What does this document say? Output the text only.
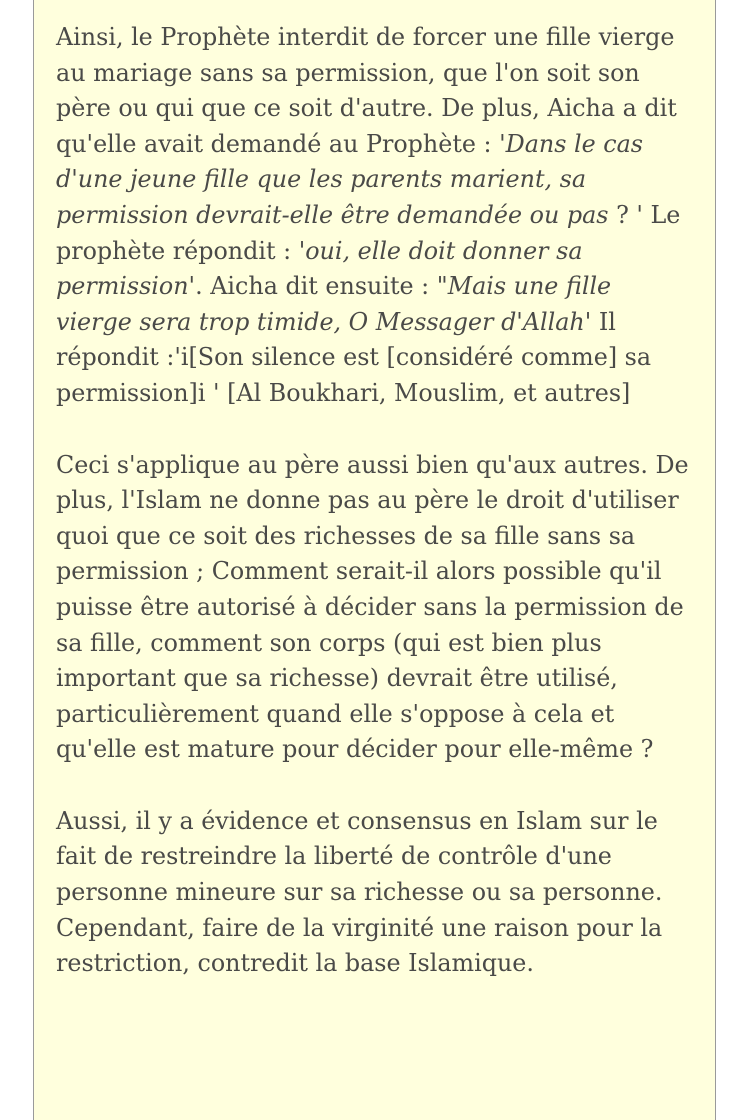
Ainsi, le Prophète interdit de forcer une fille vierge au mariage sans sa permission, que l'on soit son père ou qui que ce soit d'autre. De plus, Aicha a dit qu'elle avait demandé au Prophète : 'Dans le cas d'une jeune fille que les parents marient, sa permission devrait-elle être demandée ou pas ? ' Le prophète répondit : 'oui, elle doit donner sa permission'. Aicha dit ensuite : "Mais une fille vierge sera trop timide, O Messager d'Allah' Il répondit :'i[Son silence est [considéré comme] sa permission]i ' [Al Boukhari, Mouslim, et autres]

Ceci s'applique au père aussi bien qu'aux autres. De plus, l'Islam ne donne pas au père le droit d'utiliser quoi que ce soit des richesses de sa fille sans sa permission ; Comment serait-il alors possible qu'il puisse être autorisé à décider sans la permission de sa fille, comment son corps (qui est bien plus important que sa richesse) devrait être utilisé, particulièrement quand elle s'oppose à cela et qu'elle est mature pour décider pour elle-même ?

Aussi, il y a évidence et consensus en Islam sur le fait de restreindre la liberté de contrôle d'une personne mineure sur sa richesse ou sa personne. Cependant, faire de la virginité une raison pour la restriction, contredit la base Islamique.
